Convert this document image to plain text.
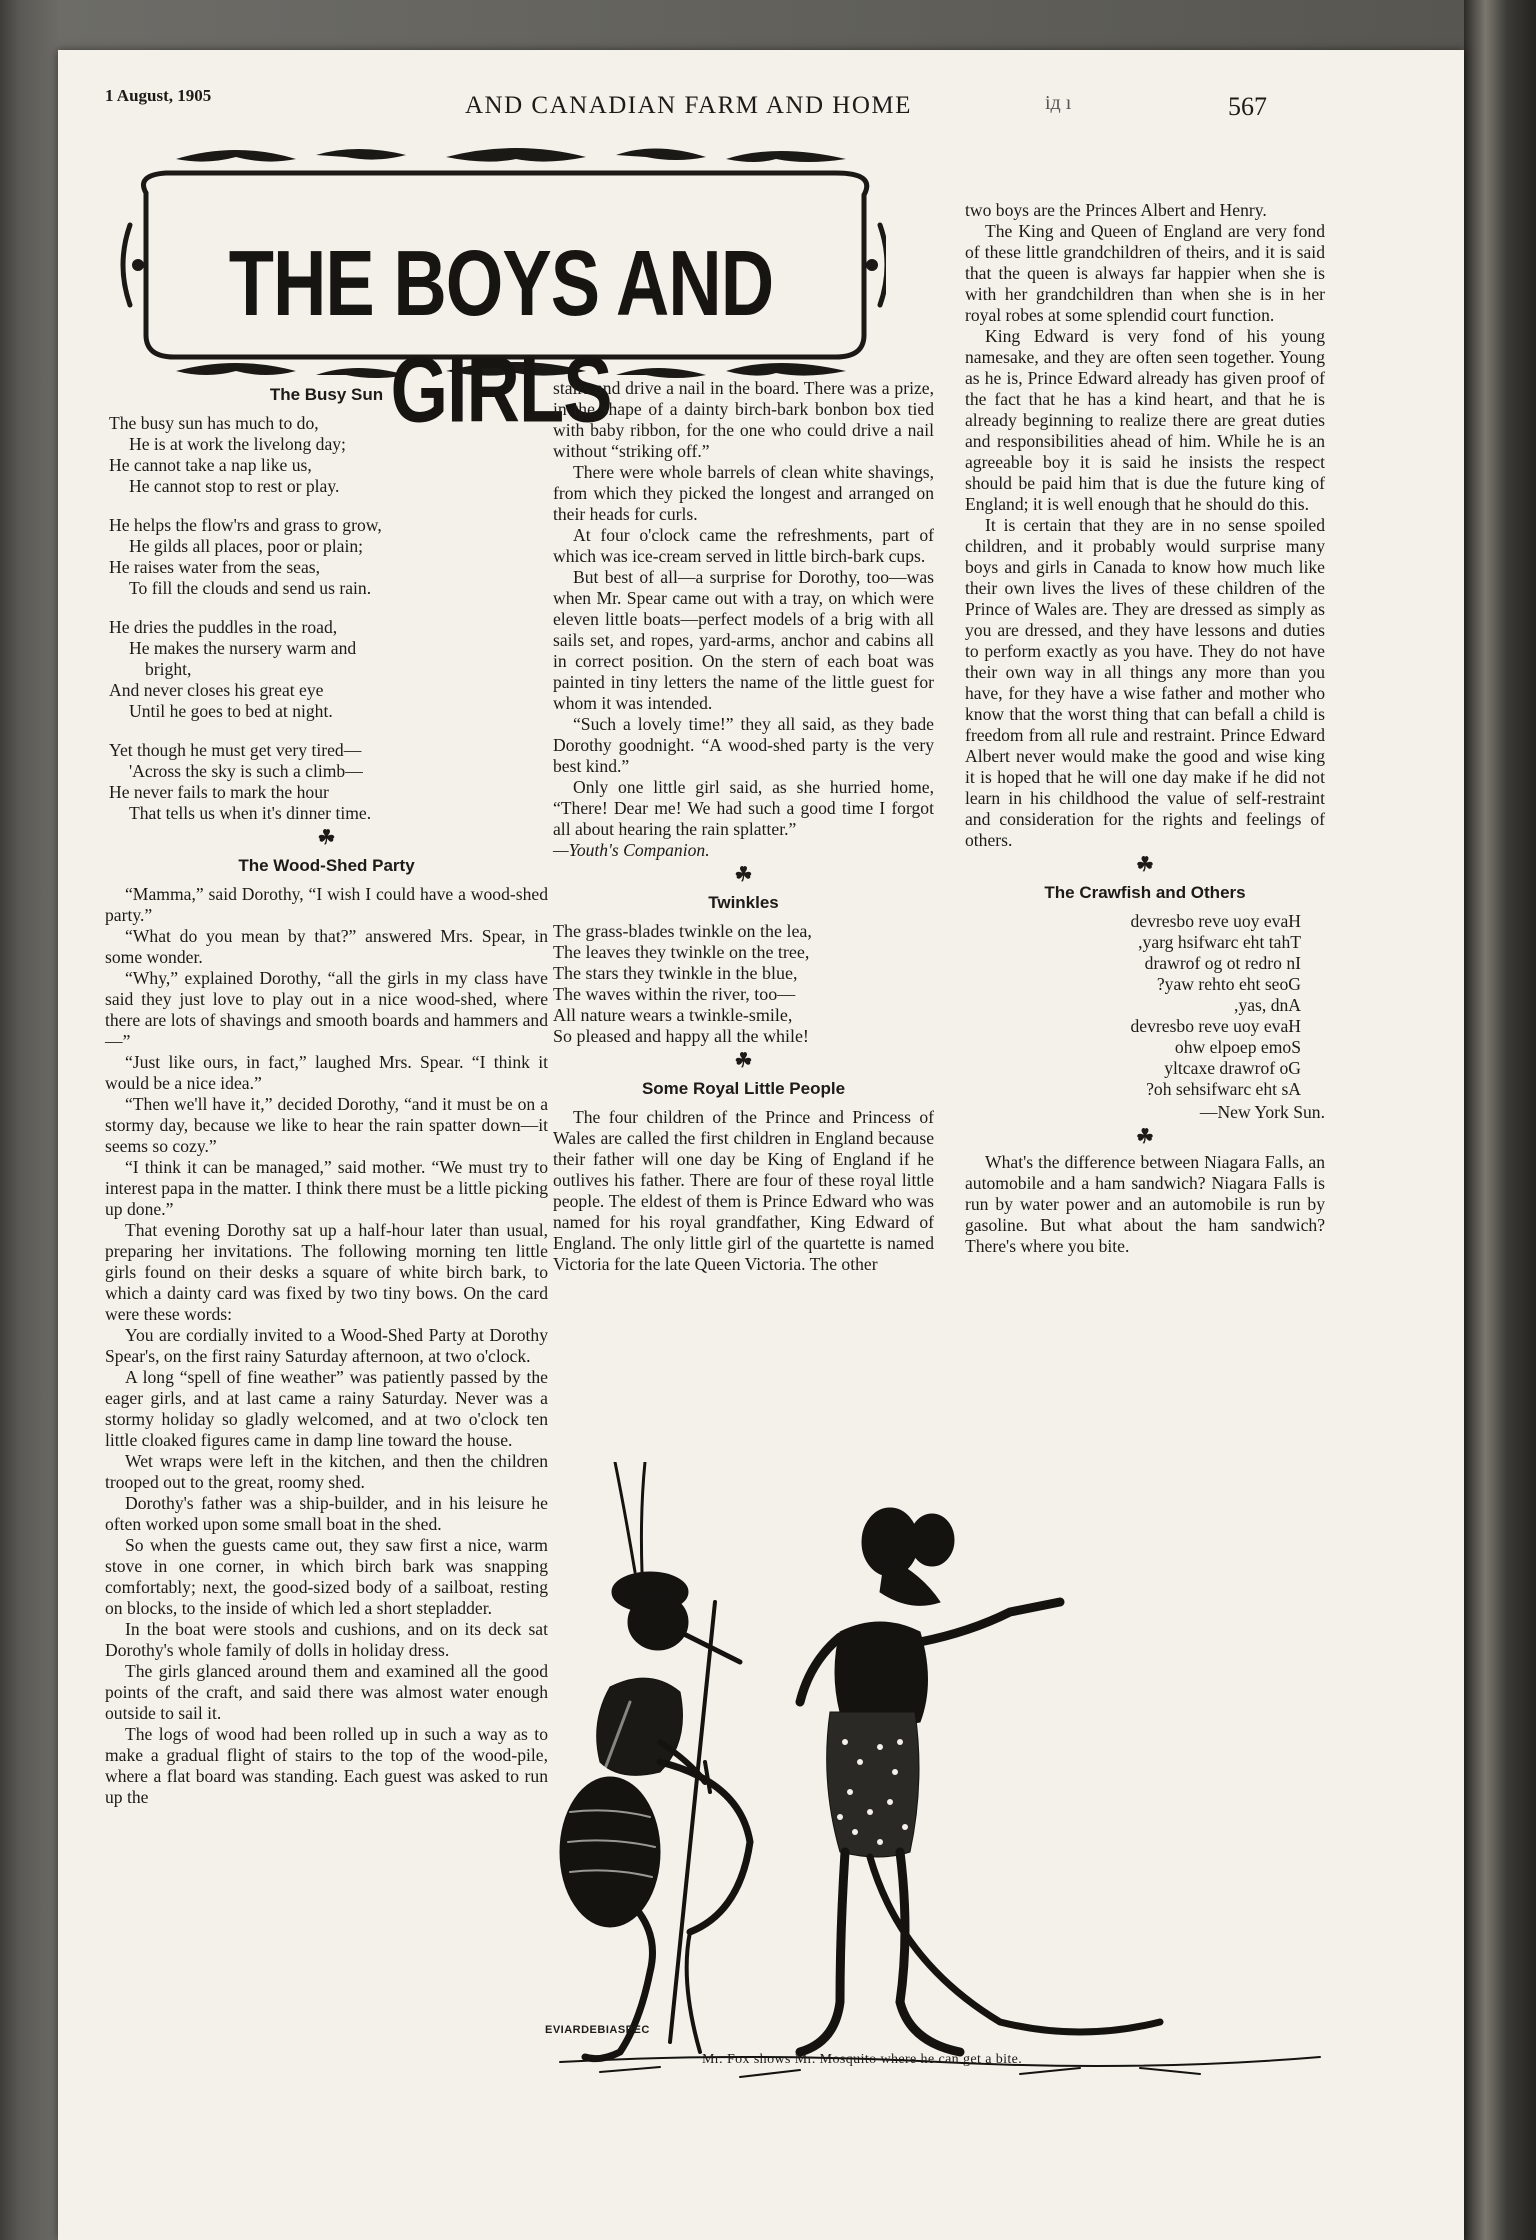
1 August, 1905	AND CANADIAN FARM AND HOME	ід ı	567
THE BOYS AND GIRLS
The Busy Sun
The busy sun has much to do,
He is at work the livelong day;
He cannot take a nap like us,
He cannot stop to rest or play.
He helps the flow'rs and grass to grow,
He gilds all places, poor or plain;
He raises water from the seas,
To fill the clouds and send us rain.
He dries the puddles in the road,
He makes the nursery warm and
bright,
And never closes his great eye
Until he goes to bed at night.
Yet though he must get very tired—
'Across the sky is such a climb—
He never fails to mark the hour
That tells us when it's dinner time.
☘
The Wood-Shed Party

“Mamma,” said Dorothy, “I wish I could have a wood-shed party.”

“What do you mean by that?” answered Mrs. Spear, in some wonder.

“Why,” explained Dorothy, “all the girls in my class have said they just love to play out in a nice wood-shed, where there are lots of shavings and smooth boards and hammers and—”

“Just like ours, in fact,” laughed Mrs. Spear. “I think it would be a nice idea.”

“Then we'll have it,” decided Dorothy, “and it must be on a stormy day, because we like to hear the rain spatter down—it seems so cozy.”

“I think it can be managed,” said mother. “We must try to interest papa in the matter. I think there must be a little picking up done.”

That evening Dorothy sat up a half-hour later than usual, preparing her invitations. The following morning ten little girls found on their desks a square of white birch bark, to which a dainty card was fixed by two tiny bows. On the card were these words:

You are cordially invited to a Wood-Shed Party at Dorothy Spear's, on the first rainy Saturday afternoon, at two o'clock.

A long “spell of fine weather” was patiently passed by the eager girls, and at last came a rainy Saturday. Never was a stormy holiday so gladly welcomed, and at two o'clock ten little cloaked figures came in damp line toward the house.

Wet wraps were left in the kitchen, and then the children trooped out to the great, roomy shed.

Dorothy's father was a ship-builder, and in his leisure he often worked upon some small boat in the shed.

So when the guests came out, they saw first a nice, warm stove in one corner, in which birch bark was snapping comfortably; next, the good-sized body of a sailboat, resting on blocks, to the inside of which led a short stepladder.

In the boat were stools and cushions, and on its deck sat Dorothy's whole family of dolls in holiday dress.

The girls glanced around them and examined all the good points of the craft, and said there was almost water enough outside to sail it.

The logs of wood had been rolled up in such a way as to make a gradual flight of stairs to the top of the wood-pile, where a flat board was standing. Each guest was asked to run up the

stairs and drive a nail in the board. There was a prize, in the shape of a dainty birch-bark bonbon box tied with baby ribbon, for the one who could drive a nail without “striking off.”

There were whole barrels of clean white shavings, from which they picked the longest and arranged on their heads for curls.

At four o'clock came the refreshments, part of which was ice-cream served in little birch-bark cups.

But best of all—a surprise for Dorothy, too—was when Mr. Spear came out with a tray, on which were eleven little boats—perfect models of a brig with all sails set, and ropes, yard-arms, anchor and cabins all in correct position. On the stern of each boat was painted in tiny letters the name of the little guest for whom it was intended.

“Such a lovely time!” they all said, as they bade Dorothy goodnight. “A wood-shed party is the very best kind.”

Only one little girl said, as she hurried home, “There! Dear me! We had such a good time I forgot all about hearing the rain splatter.”

—Youth's Companion.
☘
Twinkles
The grass-blades twinkle on the lea,
The leaves they twinkle on the tree,
The stars they twinkle in the blue,
The waves within the river, too—
All nature wears a twinkle-smile,
So pleased and happy all the while!
☘
Some Royal Little People

The four children of the Prince and Princess of Wales are called the first children in England because their father will one day be King of England if he outlives his father. There are four of these royal little people. The eldest of them is Prince Edward who was named for his royal grandfather, King Edward of England. The only little girl of the quartette is named Victoria for the late Queen Victoria. The other

two boys are the Princes Albert and Henry.

The King and Queen of England are very fond of these little grandchildren of theirs, and it is said that the queen is always far happier when she is with her grandchildren than when she is in her royal robes at some splendid court function.

King Edward is very fond of his young namesake, and they are often seen together. Young as he is, Prince Edward already has given proof of the fact that he has a kind heart, and that he is already beginning to realize there are great duties and responsibilities ahead of him. While he is an agreeable boy it is said he insists the respect should be paid him that is due the future king of England; it is well enough that he should do this.

It is certain that they are in no sense spoiled children, and it probably would surprise many boys and girls in Canada to know how much like their own lives the lives of these children of the Prince of Wales are. They are dressed as simply as you are dressed, and they have lessons and duties to perform exactly as you have. They do not have their own way in all things any more than you have, for they have a wise father and mother who know that the worst thing that can befall a child is freedom from all rule and restraint. Prince Edward Albert never would make the good and wise king it is hoped that he will one day make if he did not learn in his childhood the value of self-restraint and consideration for the rights and feelings of others.

☘
The Crawfish and Others
devresbo reve uoy evaH
,yarg hsifwarc eht tahT
drawrof og ot redro nI
?yaw rehto eht seoG
,yas, dnA
devresbo reve uoy evaH
ohw elpoep emoS
yltcaxe drawrof oG
?oh sehsifwarc eht sA
—New York Sun.
☘

What's the difference between Niagara Falls, an automobile and a ham sandwich? Niagara Falls is run by water power and an automobile is run by gasoline. But what about the ham sandwich? There's where you bite.

EVIARDEBIASPEC
Mr. Fox shows Mr. Mosquito where he can get a bite.
